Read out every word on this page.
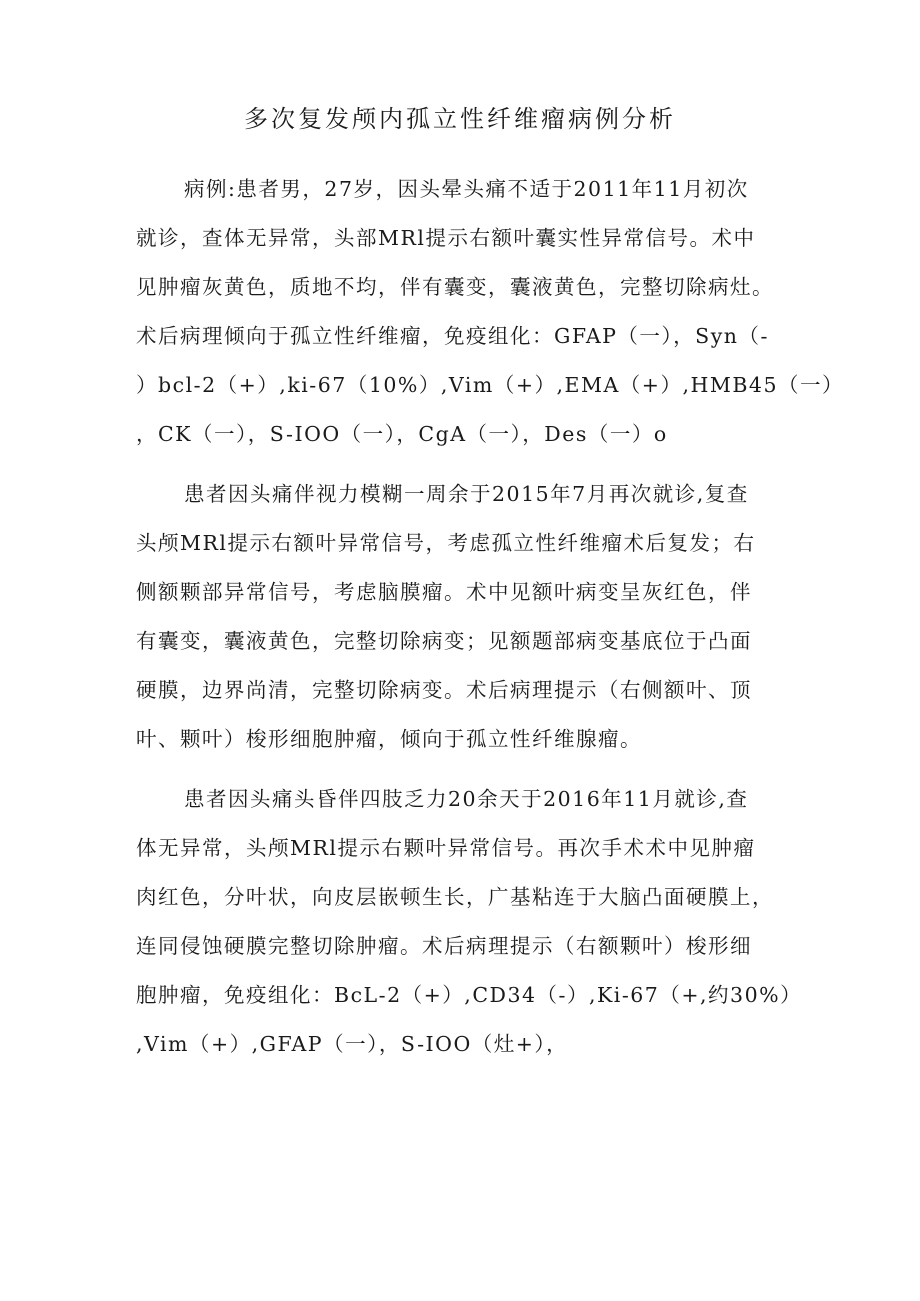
多次复发颅内孤立性纤维瘤病例分析
病例:患者男，27岁，因头晕头痛不适于2011年11月初次
就诊，查体无异常，头部MRl提示右额叶囊实性异常信号。术中
见肿瘤灰黄色，质地不均，伴有囊变，囊液黄色，完整切除病灶。
术后病理倾向于孤立性纤维瘤，免疫组化：GFAP（一），Syn（-
）bcl-2（+）,ki-67（10%）,Vim（+）,EMA（+）,HMB45（一）
，CK（一），S-IOO（一），CgA（一），Des（一）o
患者因头痛伴视力模糊一周余于2015年7月再次就诊,复查
头颅MRl提示右额叶异常信号，考虑孤立性纤维瘤术后复发；右
侧额颗部异常信号，考虑脑膜瘤。术中见额叶病变呈灰红色，伴
有囊变，囊液黄色，完整切除病变；见额题部病变基底位于凸面
硬膜，边界尚清，完整切除病变。术后病理提示（右侧额叶、顶
叶、颗叶）梭形细胞肿瘤，倾向于孤立性纤维腺瘤。
患者因头痛头昏伴四肢乏力20余天于2016年11月就诊,查
体无异常，头颅MRl提示右颗叶异常信号。再次手术术中见肿瘤
肉红色，分叶状，向皮层嵌顿生长，广基粘连于大脑凸面硬膜上，
连同侵蚀硬膜完整切除肿瘤。术后病理提示（右额颗叶）梭形细
胞肿瘤，免疫组化：BcL-2（+）,CD34（-）,Ki-67（+,约30%）
,Vim（+）,GFAP（一），S-IOO（灶+），
